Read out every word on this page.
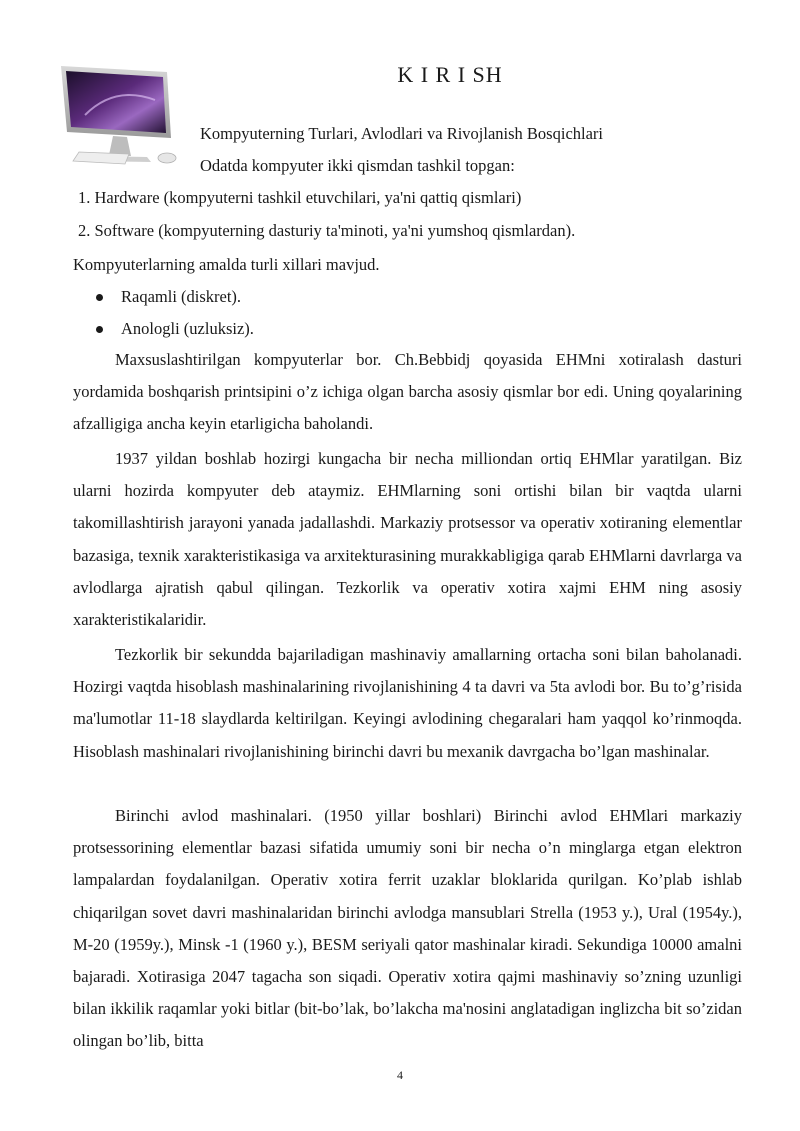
K I R I SH
Kompyuterning Turlari, Avlodlari va Rivojlanish Bosqichlari
Odatda kompyuter ikki qismdan tashkil topgan:
1. Hardware (kompyuterni tashkil etuvchilari, ya'ni qattiq qismlari)
2. Software (kompyuterning dasturiy ta'minoti, ya'ni yumshoq qismlardan).
Kompyuterlarning amalda turli xillari mavjud.
Raqamli (diskret).
Anologli (uzluksiz).
Maxsuslashtirilgan kompyuterlar bor. Ch.Bebbidj qoyasida EHMni xotiralash dasturi yordamida boshqarish printsipini o’z ichiga olgan barcha asosiy qismlar bor edi. Uning qoyalarining afzalligiga ancha keyin etarligicha baholandi.
1937 yildan boshlab hozirgi kungacha bir necha milliondan ortiq EHMlar yaratilgan. Biz ularni hozirda kompyuter deb ataymiz. EHMlarning soni ortishi bilan bir vaqtda ularni takomillashtirish jarayoni yanada jadallashdi. Markaziy protsessor va operativ xotiraning elementlar bazasiga, texnik xarakteristikasiga va arxitekturasining murakkabligiga qarab EHMlarni davrlarga va avlodlarga ajratish qabul qilingan. Tezkorlik va operativ xotira xajmi EHM ning asosiy xarakteristikalaridir.
Tezkorlik bir sekundda bajariladigan mashinaviy amallarning ortacha soni bilan baholanadi. Hozirgi vaqtda hisoblash mashinalarining rivojlanishining 4 ta davri va 5ta avlodi bor. Bu to’g’risida ma'lumotlar 11-18 slaydlarda keltirilgan. Keyingi avlodining chegaralari ham yaqqol ko’rinmoqda. Hisoblash mashinalari rivojlanishining birinchi davri bu mexanik davrgacha bo’lgan mashinalar.
Birinchi avlod mashinalari. (1950 yillar boshlari) Birinchi avlod EHMlari markaziy protsessorining elementlar bazasi sifatida umumiy soni bir necha o’n minglarga etgan elektron lampalardan foydalanilgan. Operativ xotira ferrit uzaklar bloklarida qurilgan. Ko’plab ishlab chiqarilgan sovet davri mashinalaridan birinchi avlodga mansublari Strella (1953 y.), Ural (1954y.), M-20 (1959y.), Minsk -1 (1960 y.), BESM seriyali qator mashinalar kiradi. Sekundiga 10000 amalni bajaradi. Xotirasiga 2047 tagacha son siqadi. Operativ xotira qajmi mashinaviy so’zning uzunligi bilan ikkilik raqamlar yoki bitlar (bit-bo’lak, bo’lakcha ma'nosini anglatadigan inglizcha bit so’zidan olingan bo’lib, bitta
4
